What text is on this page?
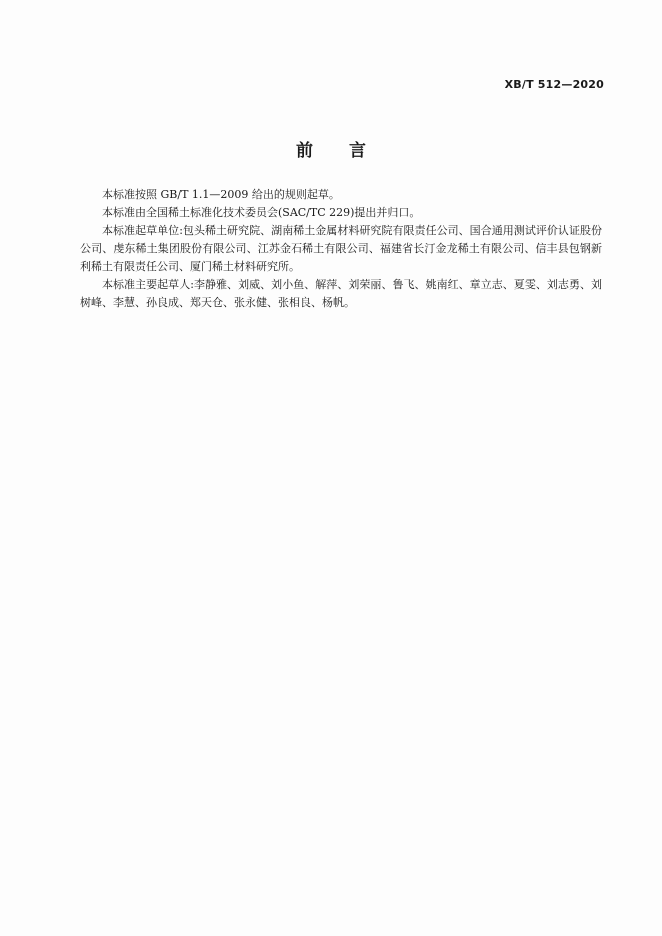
XB/T 512—2020
前言

本标准按照 GB/T 1.1—2009 给出的规则起草。

本标准由全国稀土标准化技术委员会(SAC/TC 229)提出并归口。

本标准起草单位:包头稀土研究院、湖南稀土金属材料研究院有限责任公司、国合通用测试评价认证股份公司、虔东稀土集团股份有限公司、江苏金石稀土有限公司、福建省长汀金龙稀土有限公司、信丰县包钢新利稀土有限责任公司、厦门稀土材料研究所。

本标准主要起草人:李静雅、刘威、刘小鱼、解萍、刘荣丽、鲁飞、姚南红、章立志、夏雯、刘志勇、刘树峰、李慧、孙良成、郑天仓、张永健、张相良、杨帆。
